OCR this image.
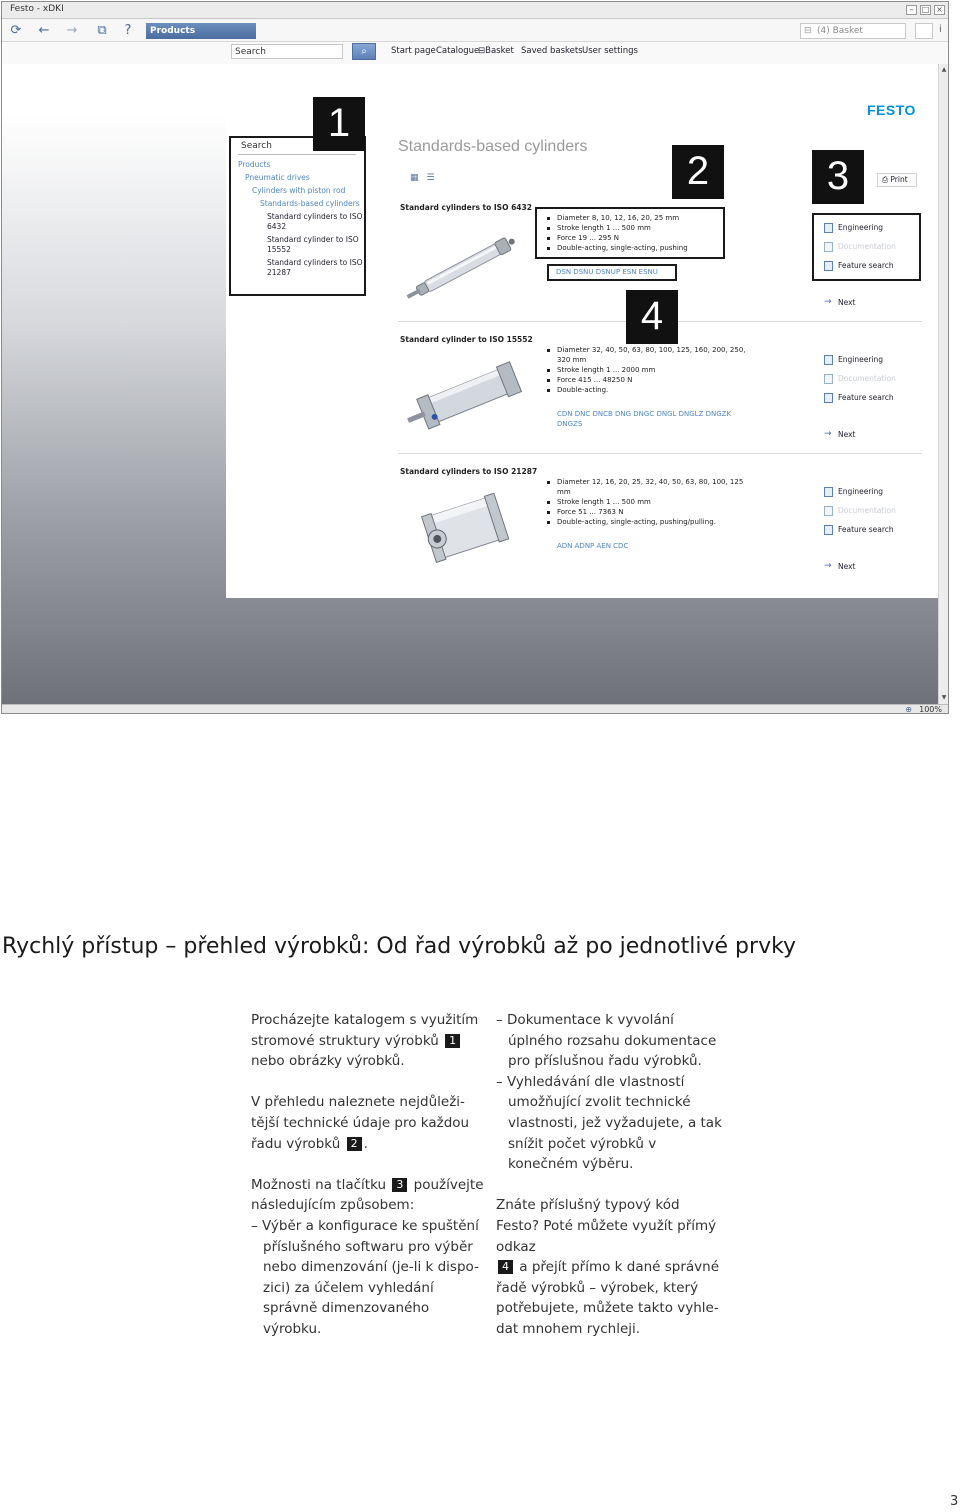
Festo - xDKI	–	□ ×
⟳ ← → ⧉	?	Products	⊟ (4) Basket	i
Search
⌕	Start page Catalogue
⊟Basket Saved baskets User settings
FESTO
Search
Products
Pneumatic drives
Cylinders with piston rod
Standards-based cylinders
Standard cylinders to ISO 6432
Standard cylinder to ISO 15552
Standard cylinders to ISO 21287
Standards-based cylinders
▦☰	⎙ Print
Standard cylinders to ISO 6432
Diameter 8, 10, 12, 16, 20, 25 mm
Stroke length 1 ... 500 mm
Force 19 ... 295 N
Double-acting, single-acting, pushing
DSN DSNU DSNUP ESN ESNU
Engineering
Documentation
Feature search
→ Next
Standard cylinder to ISO 15552
Diameter 32, 40, 50, 63, 80, 100, 125, 160, 200, 250, 320 mm
Stroke length 1 ... 2000 mm
Force 415 ... 48250 N
Double-acting.
CDN DNC DNCB DNG DNGC DNGL DNGLZ DNGZK DNGZS
Engineering
Documentation
Feature search
→ Next
Standard cylinders to ISO 21287
Diameter 12, 16, 20, 25, 32, 40, 50, 63, 80, 100, 125 mm
Stroke length 1 ... 500 mm
Force 51 ... 7363 N
Double-acting, single-acting, pushing/pulling.
ADN ADNP AEN CDC
Engineering
Documentation
Feature search
→ Next
▲
▼
⊕ 100%
1
2	3
4
Rychlý přístup – přehled výrobků: Od řad výrobků až po jednotlivé prvky

Procházejte katalogem s využitím stromové struktury výrobků 1
nebo obrázky výrobků.

V přehledu naleznete nejdůleži-tější technické údaje pro každou řadu výrobků 2 .

Možnosti na tlačítku 3 používejte následujícím způsobem:

– Výběr a konfigurace ke spuštění příslušného softwaru pro výběr nebo dimenzování (je-li k dispo-zici) za účelem vyhledání správně dimenzovaného výrobku.

– Dokumentace k vyvolání úplného rozsahu dokumentace pro příslušnou řadu výrobků.

– Vyhledávání dle vlastností umožňující zvolit technické vlastnosti, jež vyžadujete, a tak snížit počet výrobků v konečném výběru.

Znáte příslušný typový kód Festo? Poté můžete využít přímý odkaz
4 a přejít přímo k dané správné řadě výrobků – výrobek, který potřebujete, můžete takto vyhle-dat mnohem rychleji.

3
